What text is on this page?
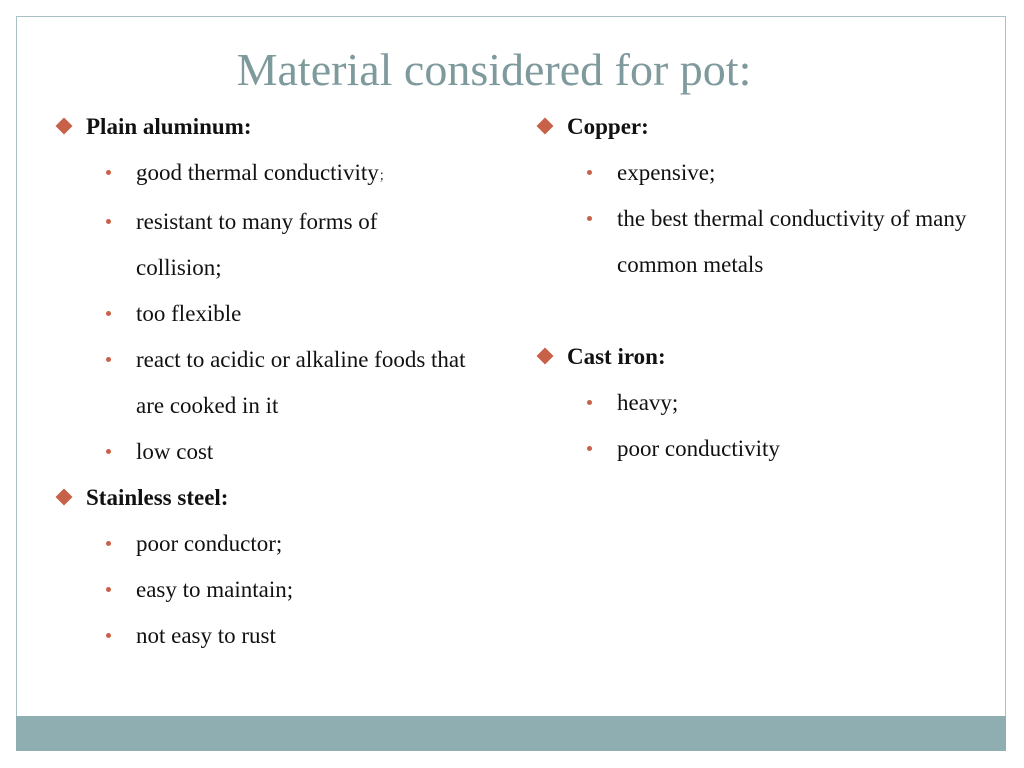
Material considered for pot:
Plain aluminum:
good thermal conductivity；
resistant to many forms of collision;
too flexible
react to acidic or alkaline foods that are cooked in it
low cost
Stainless steel:
poor conductor;
easy to maintain;
not easy to rust
Copper:
expensive;
the best thermal conductivity of many common metals
Cast iron:
heavy;
poor conductivity
